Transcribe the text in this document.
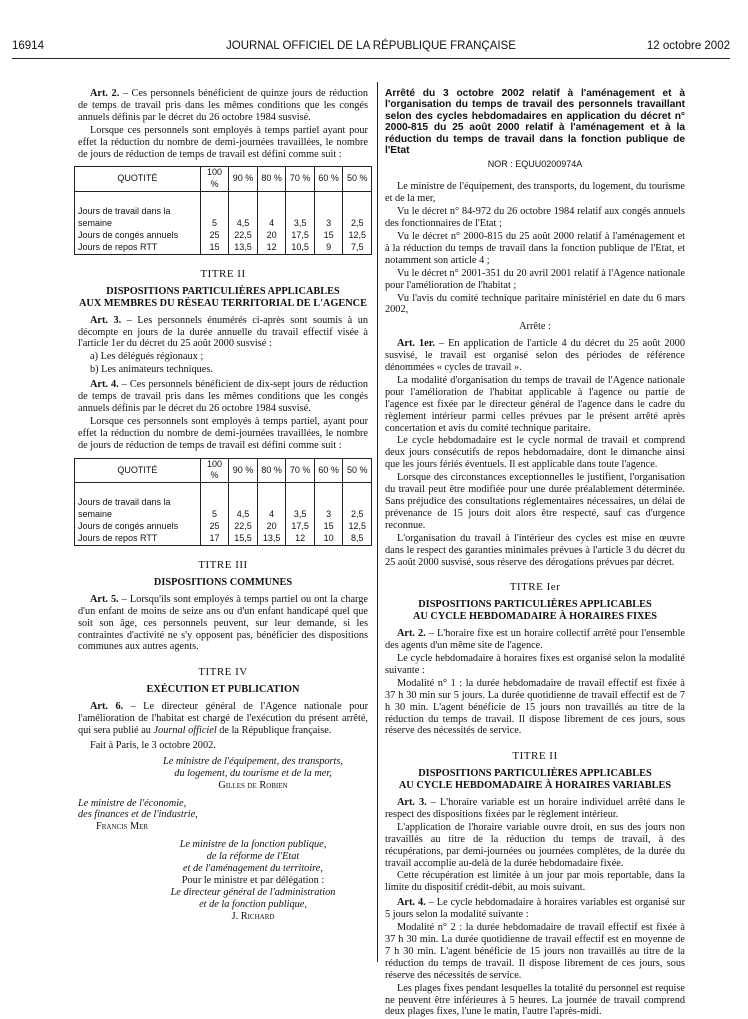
16914	JOURNAL OFFICIEL DE LA RÉPUBLIQUE FRANÇAISE	12 octobre 2002

Art. 2. – Ces personnels bénéficient de quinze jours de réduction de temps de travail pris dans les mêmes conditions que les congés annuels définis par le décret du 26 octobre 1984 susvisé.

Lorsque ces personnels sont employés à temps partiel ayant pour effet la réduction du nombre de demi-journées travaillées, le nombre de jours de réduction de temps de travail est défini comme suit :

QUOTITÉ	100 %	90 %	80 %	70 %	60 %	50 %
Jours de travail dans la semaine	5	4,5	4	3,5	3	2,5
Jours de congés annuels	25	22,5	20	17,5	15	12,5
Jours de repos RTT	15	13,5	12	10,5	9	7,5
TITRE II
DISPOSITIONS PARTICULIÈRES APPLICABLES
AUX MEMBRES DU RÉSEAU TERRITORIAL DE L'AGENCE

Art. 3. – Les personnels énumérés ci-après sont soumis à un décompte en jours de la durée annuelle du travail effectif visée à l'article 1er du décret du 25 août 2000 susvisé :

a) Les délégués régionaux ;

b) Les animateurs techniques.

Art. 4. – Ces personnels bénéficient de dix-sept jours de réduction de temps de travail pris dans les mêmes conditions que les congés annuels définis par le décret du 26 octobre 1984 susvisé.

Lorsque ces personnels sont employés à temps partiel, ayant pour effet la réduction du nombre de demi-journées travaillées, le nombre de jours de réduction de temps de travail est défini comme suit :

QUOTITÉ	100 %	90 %	80 %	70 %	60 %	50 %
Jours de travail dans la semaine	5	4,5	4	3,5	3	2,5
Jours de congés annuels	25	22,5	20	17,5	15	12,5
Jours de repos RTT	17	15,5	13,5	12	10	8,5
TITRE III
DISPOSITIONS COMMUNES

Art. 5. – Lorsqu'ils sont employés à temps partiel ou ont la charge d'un enfant de moins de seize ans ou d'un enfant handicapé quel que soit son âge, ces personnels peuvent, sur leur demande, si les contraintes d'activité ne s'y opposent pas, bénéficier des dispositions communes aux autres agents.

TITRE IV
EXÉCUTION ET PUBLICATION

Art. 6. – Le directeur général de l'Agence nationale pour l'amélioration de l'habitat est chargé de l'exécution du présent arrêté, qui sera publié au Journal officiel de la République française.

Fait à Paris, le 3 octobre 2002.

Le ministre de l'équipement, des transports,
du logement, du tourisme et de la mer,
Gilles de Robien
Le ministre de l'économie,
des finances et de l'industrie,
Francis Mer
Le ministre de la fonction publique,
de la réforme de l'Etat
et de l'aménagement du territoire,
Pour le ministre et par délégation :
Le directeur général de l'administration
et de la fonction publique,
J. Richard
Arrêté du 3 octobre 2002 relatif à l'aménagement et à l'organisation du temps de travail des personnels travaillant selon des cycles hebdomadaires en application du décret n° 2000-815 du 25 août 2000 relatif à l'aménagement et à la réduction du temps de travail dans la fonction publique de l'Etat
NOR : EQUU0200974A

Le ministre de l'équipement, des transports, du logement, du tourisme et de la mer,

Vu le décret n° 84-972 du 26 octobre 1984 relatif aux congés annuels des fonctionnaires de l'Etat ;

Vu le décret n° 2000-815 du 25 août 2000 relatif à l'aménagement et à la réduction du temps de travail dans la fonction publique de l'Etat, et notamment son article 4 ;

Vu le décret n° 2001-351 du 20 avril 2001 relatif à l'Agence nationale pour l'amélioration de l'habitat ;

Vu l'avis du comité technique paritaire ministériel en date du 6 mars 2002,

Arrête :

Art. 1er. – En application de l'article 4 du décret du 25 août 2000 susvisé, le travail est organisé selon des périodes de référence dénommées « cycles de travail ».

La modalité d'organisation du temps de travail de l'Agence nationale pour l'amélioration de l'habitat applicable à l'agence ou partie de l'agence est fixée par le directeur général de l'agence dans le cadre du règlement intérieur parmi celles prévues par le présent arrêté après concertation et avis du comité technique paritaire.

Le cycle hebdomadaire est le cycle normal de travail et comprend deux jours consécutifs de repos hebdomadaire, dont le dimanche ainsi que les jours fériés éventuels. Il est applicable dans toute l'agence.

Lorsque des circonstances exceptionnelles le justifient, l'organisation du travail peut être modifiée pour une durée préalablement déterminée. Sans préjudice des consultations réglementaires nécessaires, un délai de prévenance de 15 jours doit alors être respecté, sauf cas d'urgence reconnue.

L'organisation du travail à l'intérieur des cycles est mise en œuvre dans le respect des garanties minimales prévues à l'article 3 du décret du 25 août 2000 susvisé, sous réserve des dérogations prévues par décret.

TITRE Ier
DISPOSITIONS PARTICULIÈRES APPLICABLES
AU CYCLE HEBDOMADAIRE À HORAIRES FIXES

Art. 2. – L'horaire fixe est un horaire collectif arrêté pour l'ensemble des agents d'un même site de l'agence.

Le cycle hebdomadaire à horaires fixes est organisé selon la modalité suivante :

Modalité n° 1 : la durée hebdomadaire de travail effectif est fixée à 37 h 30 min sur 5 jours. La durée quotidienne de travail effectif est de 7 h 30 min. L'agent bénéficie de 15 jours non travaillés au titre de la réduction du temps de travail. Il dispose librement de ces jours, sous réserve des nécessités de service.

TITRE II
DISPOSITIONS PARTICULIÈRES APPLICABLES
AU CYCLE HEBDOMADAIRE À HORAIRES VARIABLES

Art. 3. – L'horaire variable est un horaire individuel arrêté dans le respect des dispositions fixées par le règlement intérieur.

L'application de l'horaire variable ouvre droit, en sus des jours non travaillés au titre de la réduction du temps de travail, à des récupérations, par demi-journées ou journées complètes, de la durée du travail accomplie au-delà de la durée hebdomadaire fixée.

Cette récupération est limitée à un jour par mois reportable, dans la limite du dispositif crédit-débit, au mois suivant.

Art. 4. – Le cycle hebdomadaire à horaires variables est organisé sur 5 jours selon la modalité suivante :

Modalité n° 2 : la durée hebdomadaire de travail effectif est fixée à 37 h 30 min. La durée quotidienne de travail effectif est en moyenne de 7 h 30 min. L'agent bénéficie de 15 jours non travaillés au titre de la réduction du temps de travail. Il dispose librement de ces jours, sous réserve des nécessités de service.

Les plages fixes pendant lesquelles la totalité du personnel est requise ne peuvent être inférieures à 5 heures. La journée de travail comprend deux plages fixes, l'une le matin, l'autre l'après-midi.
